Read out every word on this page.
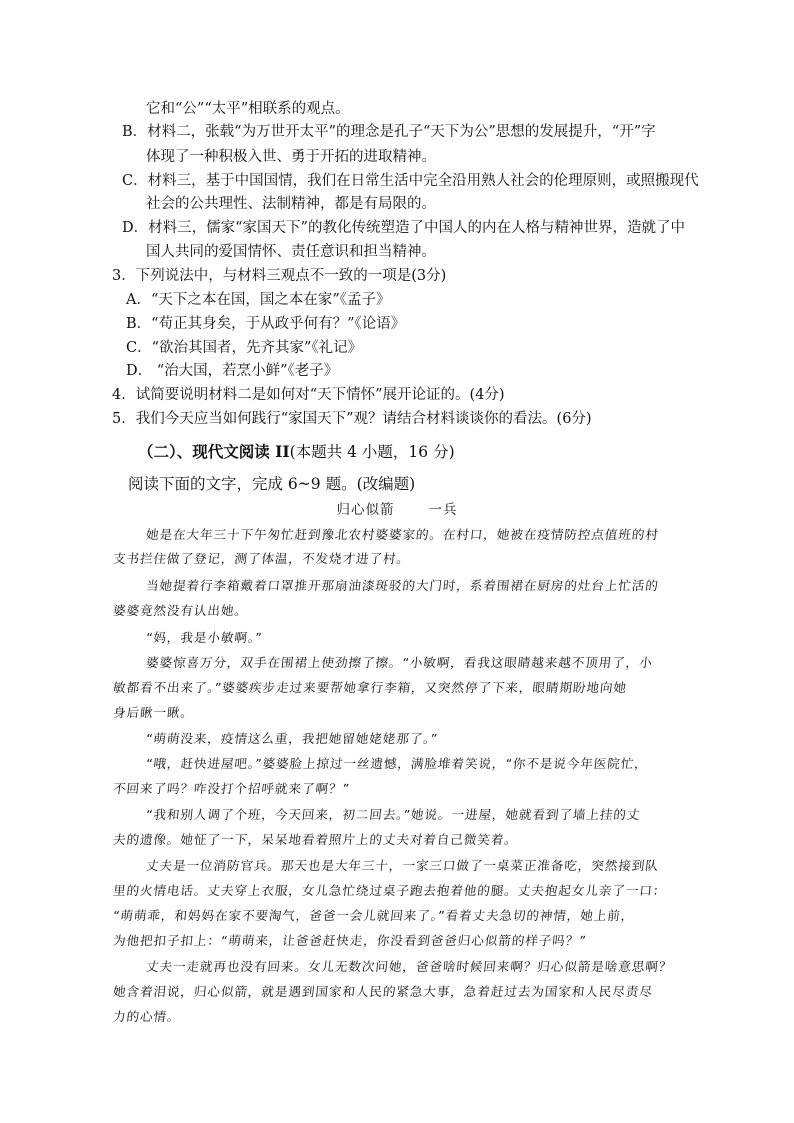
它和“公”“太平”相联系的观点。
B．材料二，张载“为万世开太平”的理念是孔子“天下为公”思想的发展提升，“开”字
体现了一种积极入世、勇于开拓的进取精神。
C．材料三，基于中国国情，我们在日常生活中完全沿用熟人社会的伦理原则，或照搬现代
社会的公共理性、法制精神，都是有局限的。
D．材料三，儒家“家国天下”的教化传统塑造了中国人的内在人格与精神世界，造就了中
国人共同的爱国情怀、责任意识和担当精神。
3．下列说法中，与材料三观点不一致的一项是(3分)
A．“天下之本在国，国之本在家”《孟子》
B．“苟正其身矣，于从政乎何有？”《论语》
C．“欲治其国者，先齐其家”《礼记》
D． “治大国，若烹小鲜”《老子》
4．试简要说明材料二是如何对“天下情怀”展开论证的。(4分)
5．我们今天应当如何践行“家国天下”观？请结合材料谈谈你的看法。(6分)
（二）、现代文阅读 II(本题共 4 小题，16 分)
阅读下面的文字，完成 6~9 题。(改编题)
归心似箭	一兵
她是在大年三十下午匆忙赶到豫北农村婆婆家的。在村口，她被在疫情防控点值班的村
支书拦住做了登记，测了体温，不发烧才进了村。
当她提着行李箱戴着口罩推开那扇油漆斑驳的大门时，系着围裙在厨房的灶台上忙活的
婆婆竟然没有认出她。
“妈，我是小敏啊。”
婆婆惊喜万分，双手在围裙上使劲擦了擦。“小敏啊，看我这眼睛越来越不顶用了，小
敏都看不出来了。”婆婆疾步走过来要帮她拿行李箱，又突然停了下来，眼睛期盼地向她
身后瞅一瞅。
“萌萌没来，疫情这么重，我把她留她姥姥那了。”
“哦，赶快进屋吧。”婆婆脸上掠过一丝遗憾，满脸堆着笑说，“你不是说今年医院忙，
不回来了吗？咋没打个招呼就来了啊？”
“我和别人调了个班，今天回来，初二回去。”她说。一进屋，她就看到了墙上挂的丈
夫的遗像。她怔了一下，呆呆地看着照片上的丈夫对着自己微笑着。
丈夫是一位消防官兵。那天也是大年三十，一家三口做了一桌菜正准备吃，突然接到队
里的火情电话。丈夫穿上衣服，女儿急忙绕过桌子跑去抱着他的腿。丈夫抱起女儿亲了一口：
“萌萌乖，和妈妈在家不要淘气，爸爸一会儿就回来了。”看着丈夫急切的神情，她上前，
为他把扣子扣上：“萌萌来，让爸爸赶快走，你没看到爸爸归心似箭的样子吗？”
丈夫一走就再也没有回来。女儿无数次问她，爸爸啥时候回来啊？归心似箭是啥意思啊？
她含着泪说，归心似箭，就是遇到国家和人民的紧急大事，急着赶过去为国家和人民尽责尽
力的心情。
